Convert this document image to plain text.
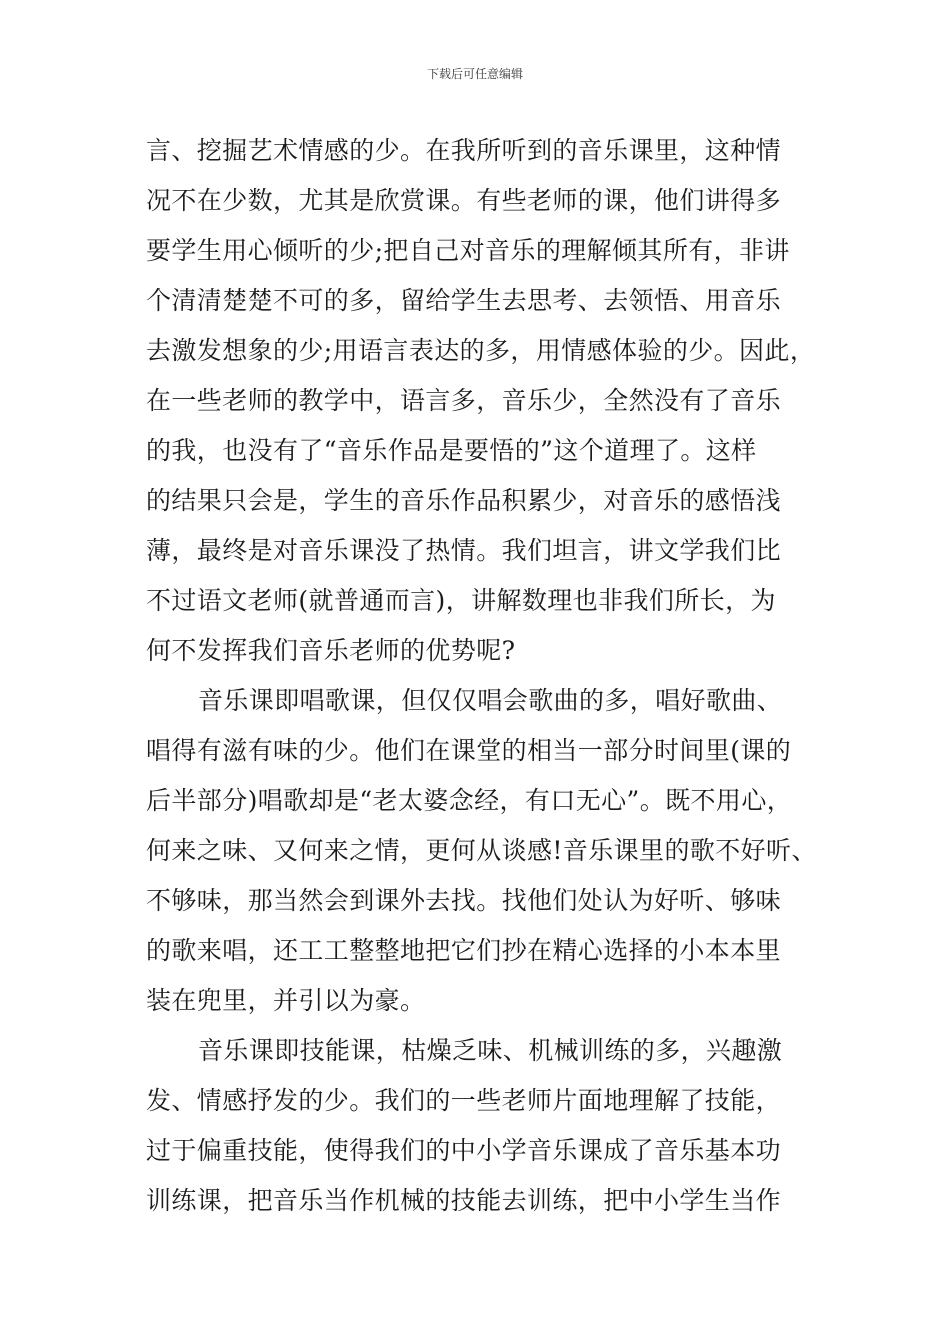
下载后可任意编辑
言、挖掘艺术情感的少。在我所听到的音乐课里，这种情
况不在少数，尤其是欣赏课。有些老师的课，他们讲得多
要学生用心倾听的少;把自己对音乐的理解倾其所有，非讲
个清清楚楚不可的多，留给学生去思考、去领悟、用音乐
去激发想象的少;用语言表达的多，用情感体验的少。因此，
在一些老师的教学中，语言多，音乐少，全然没有了音乐
的我，也没有了“音乐作品是要悟的”这个道理了。这样
的结果只会是，学生的音乐作品积累少，对音乐的感悟浅
薄，最终是对音乐课没了热情。我们坦言，讲文学我们比
不过语文老师(就普通而言)，讲解数理也非我们所长，为
何不发挥我们音乐老师的优势呢?
音乐课即唱歌课，但仅仅唱会歌曲的多，唱好歌曲、
唱得有滋有味的少。他们在课堂的相当一部分时间里(课的
后半部分)唱歌却是“老太婆念经，有口无心”。既不用心，
何来之味、又何来之情，更何从谈感!音乐课里的歌不好听、
不够味，那当然会到课外去找。找他们处认为好听、够味
的歌来唱，还工工整整地把它们抄在精心选择的小本本里
装在兜里，并引以为豪。
音乐课即技能课，枯燥乏味、机械训练的多，兴趣激
发、情感抒发的少。我们的一些老师片面地理解了技能，
过于偏重技能，使得我们的中小学音乐课成了音乐基本功
训练课，把音乐当作机械的技能去训练，把中小学生当作
